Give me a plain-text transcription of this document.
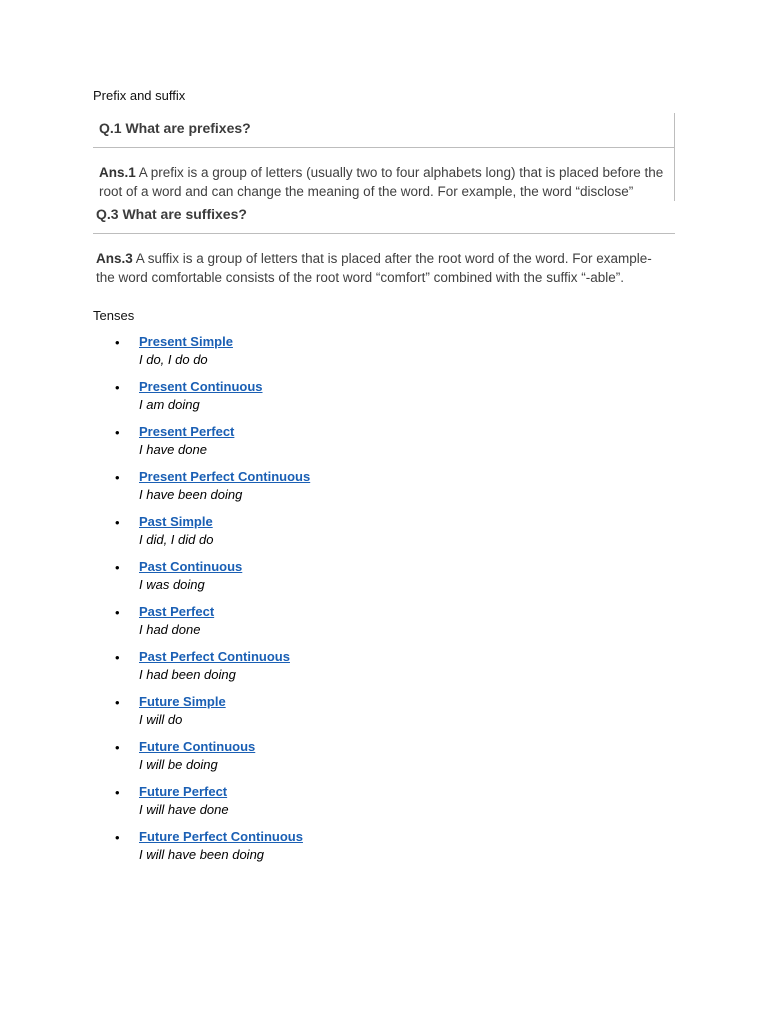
Prefix and suffix
Q.1 What are prefixes?
Ans.1 A prefix is a group of letters (usually two to four alphabets long) that is placed before the root of a word and can change the meaning of the word. For example, the word “disclose”
Q.3 What are suffixes?
Ans.3 A suffix is a group of letters that is placed after the root word of the word. For example- the word comfortable consists of the root word “comfort” combined with the suffix “-able”.
Tenses
• Present Simple
I do, I do do
• Present Continuous
I am doing
• Present Perfect
I have done
• Present Perfect Continuous
I have been doing
• Past Simple
I did, I did do
• Past Continuous
I was doing
• Past Perfect
I had done
• Past Perfect Continuous
I had been doing
• Future Simple
I will do
• Future Continuous
I will be doing
• Future Perfect
I will have done
• Future Perfect Continuous
I will have been doing
